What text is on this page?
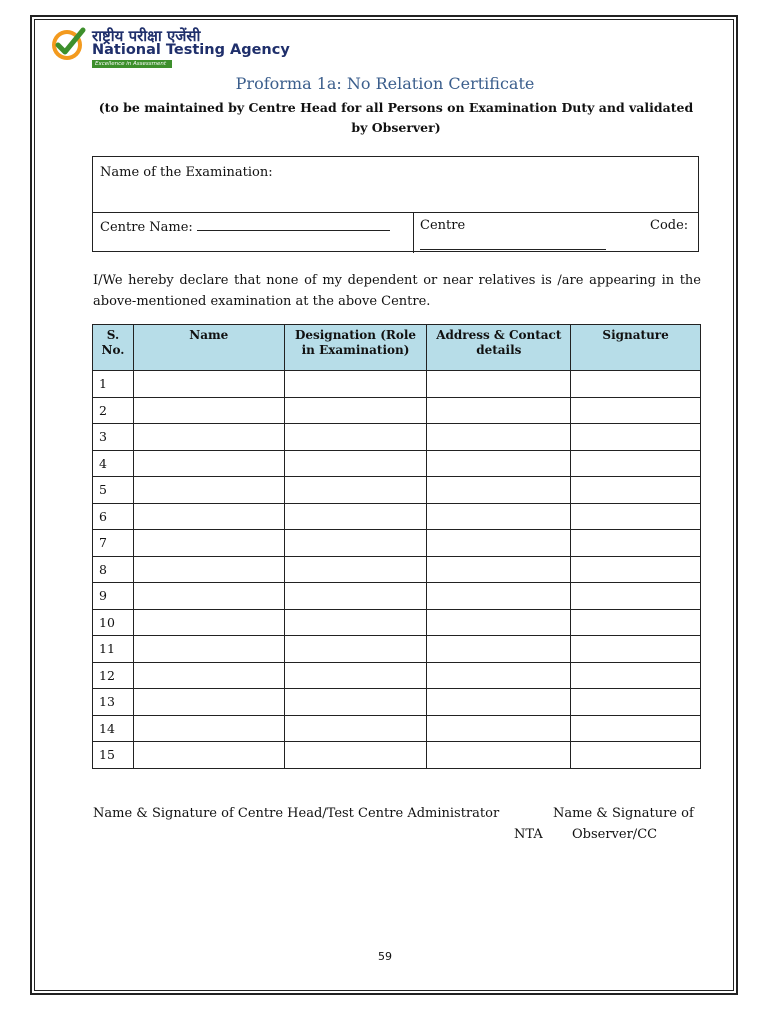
राष्ट्रीय परीक्षा एजेंसी
National Testing Agency
Excellence in Assessment
Proforma 1a: No Relation Certificate
(to be maintained by Centre Head for all Persons on Examination Duty and validated by Observer)
Name of the Examination:
Centre Name:	Centre	Code:
I/We hereby declare that none of my dependent or near relatives is /are appearing in the above-mentioned examination at the above Centre.
S. No.	Name	Designation (Role in Examination)	Address & Contact details	Signature
1				
2				
3				
4				
5				
6				
7				
8				
9				
10				
11				
12				
13				
14				
15				
Name & Signature of Centre Head/Test Centre Administrator	Name & Signature of
NTA Observer/CC
59
